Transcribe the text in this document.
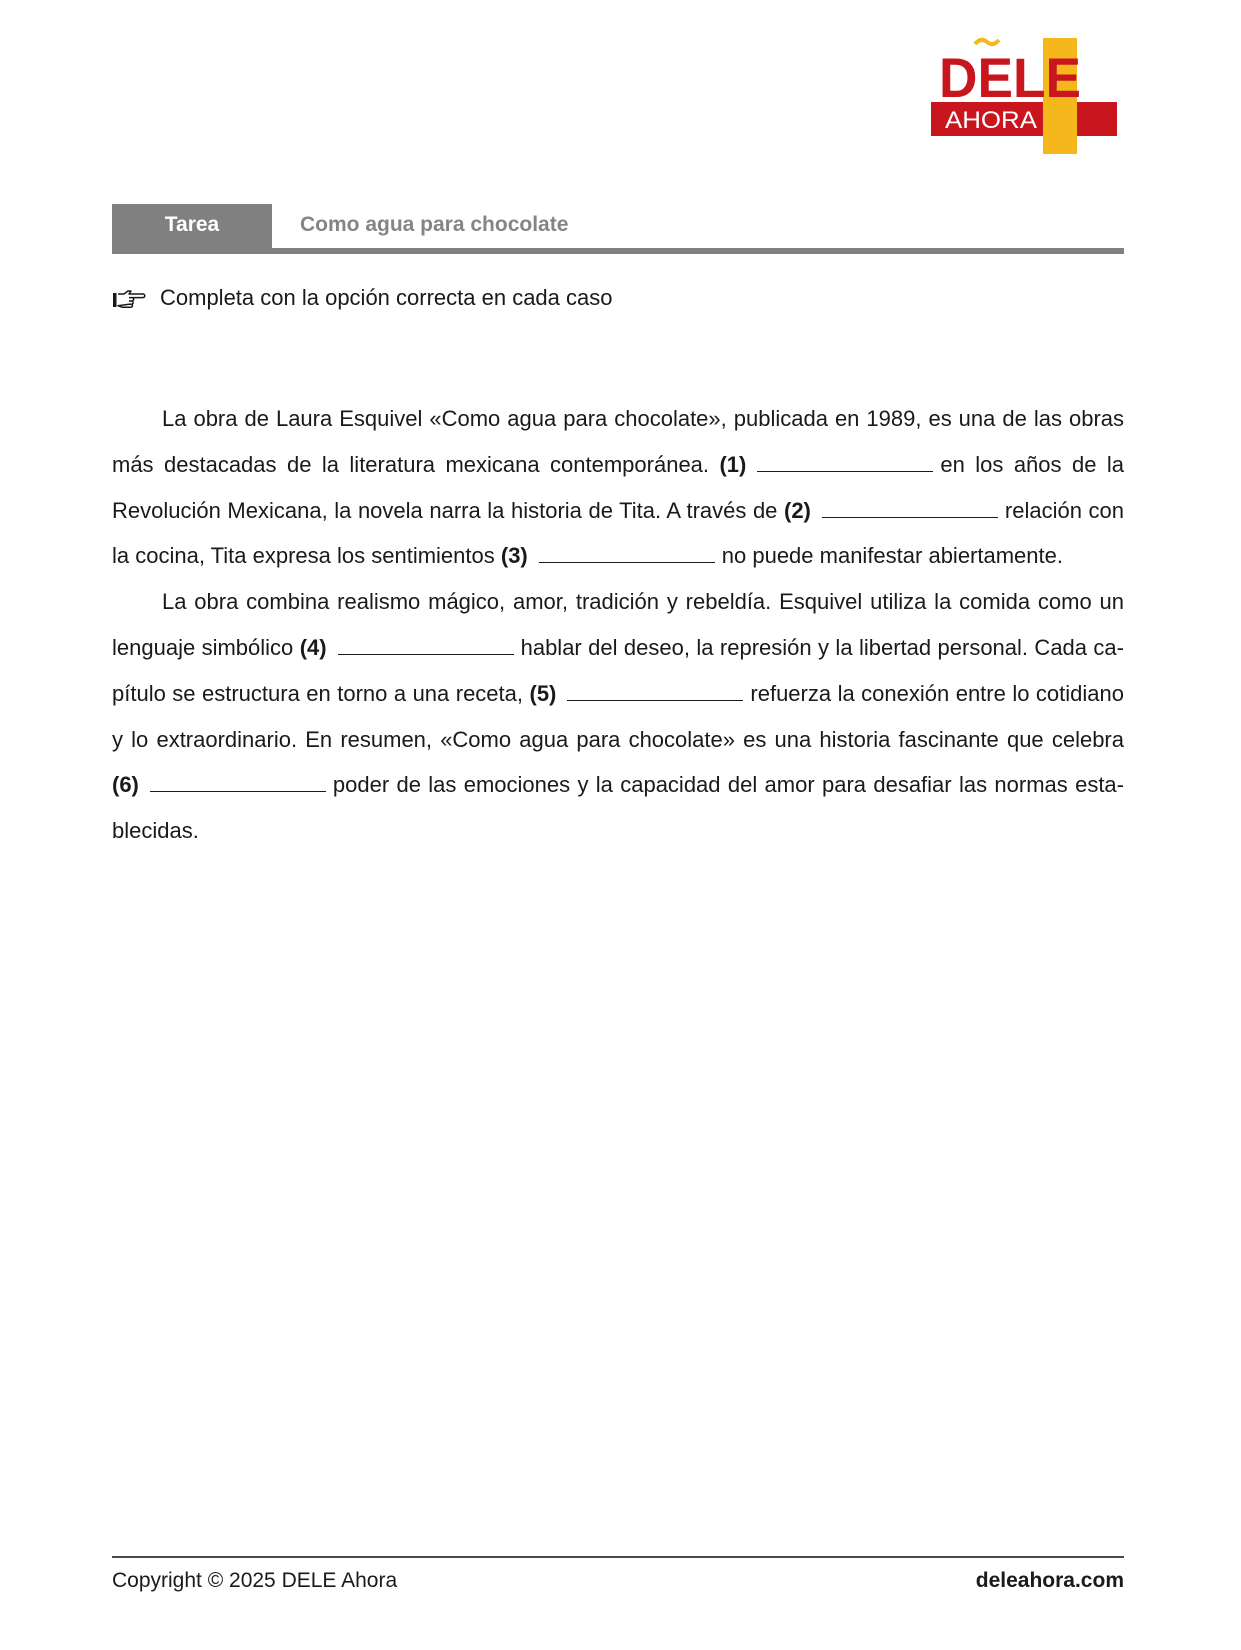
DELE
AHORA
Tarea	Como agua para chocolate
Completa con la opción correcta en cada caso

La obra de Laura Esquivel «Como agua para chocolate», publicada en 1989, es una de las obras más destacadas de la literatura mexicana contemporánea. (1)	en los años de la Revolución Mexicana, la novela narra la historia de Tita. A través de (2)	relación con la cocina, Tita expresa los sentimientos (3)	no puede manifestar abiertamente.

La obra combina realismo mágico, amor, tradición y rebeldía. Esquivel utiliza la comida como un lenguaje simbólico (4)	hablar del deseo, la represión y la libertad personal. Cada capítulo se estructura en torno a una receta, (5)	refuerza la conexión entre lo cotidiano y lo extraordinario. En resumen, «Como agua para chocolate» es una historia fascinante que celebra (6)	poder de las emociones y la capacidad del amor para desafiar las normas establecidas.

Copyright © 2025 DELE Ahora	deleahora.com
